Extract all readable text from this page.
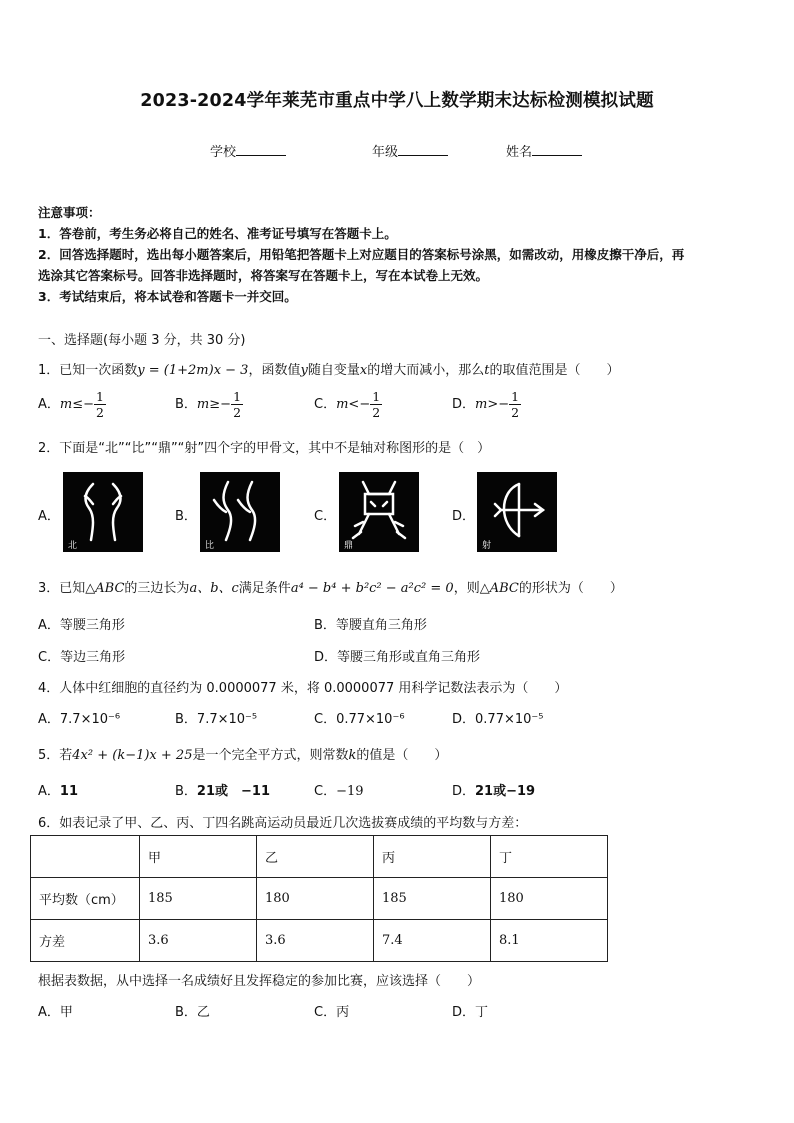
2023-2024学年莱芜市重点中学八上数学期末达标检测模拟试题
学校	年级	姓名
注意事项：
1．答卷前，考生务必将自己的姓名、准考证号填写在答题卡上。
2．回答选择题时，选出每小题答案后，用铅笔把答题卡上对应题目的答案标号涂黑，如需改动，用橡皮擦干净后，再
选涂其它答案标号。回答非选择题时，将答案写在答题卡上，写在本试卷上无效。
3．考试结束后，将本试卷和答题卡一并交回。
一、选择题(每小题 3 分，共 30 分)
1．已知一次函数y = (1+2m)x − 3，函数值y随自变量x的增大而减小，那么t的取值范围是（　　）
A．$m\le- \frac{1}{2}$	B．$m\ge- \frac{1}{2}$	C．$m<- \frac{1}{2}$	D．$m>- \frac{1}{2}$
2．下面是“北”“比”“鼎”“射”四个字的甲骨文，其中不是轴对称图形的是（　）
A．
北
B．
比
C．
鼎
D．
射
3．已知△ABC的三边长为a、b、c满足条件a⁴ − b⁴ + b²c² − a²c² = 0，则△ABC的形状为（　　）
A．等腰三角形	B．等腰直角三角形
C．等边三角形	D．等腰三角形或直角三角形
4．人体中红细胞的直径约为 0.0000077 米，将 0.0000077 用科学记数法表示为（　　）
A．7.7×10⁻⁶	B．7.7×10⁻⁵	C．0.77×10⁻⁶	D．0.77×10⁻⁵
5．若4x² + (k−1)x + 25是一个完全平方式，则常数k的值是（　　）
A．11	B．21或　−11	C．−19	D．21或−19
6．如表记录了甲、乙、丙、丁四名跳高运动员最近几次选拔赛成绩的平均数与方差：
	甲	乙	丙	丁
平均数（cm）	185	180	185	180
方差	3.6	3.6	7.4	8.1
根据表数据，从中选择一名成绩好且发挥稳定的参加比赛，应该选择（　　）
A．甲	B．乙	C．丙	D．丁
